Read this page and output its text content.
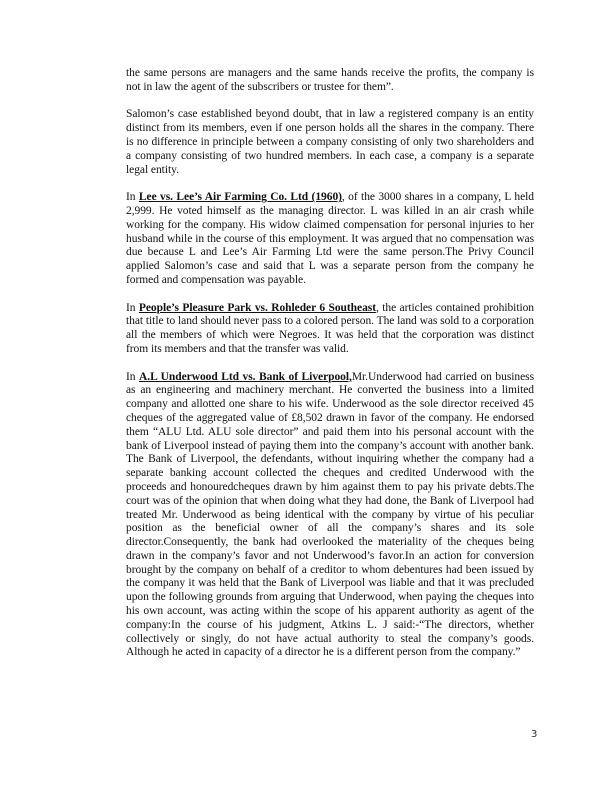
the same persons are managers and the same hands receive the profits, the company is not in law the agent of the subscribers or trustee for them”.

Salomon’s case established beyond doubt, that in law a registered company is an entity distinct from its members, even if one person holds all the shares in the company. There is no difference in principle between a company consisting of only two shareholders and a company consisting of two hundred members. In each case, a company is a separate legal entity.

In Lee vs. Lee’s Air Farming Co. Ltd (1960), of the 3000 shares in a company, L held 2,999. He voted himself as the managing director. L was killed in an air crash while working for the company. His widow claimed compensation for personal injuries to her husband while in the course of this employment. It was argued that no compensation was due because L and Lee’s Air Farming Ltd were the same person.The Privy Council applied Salomon’s case and said that L was a separate person from the company he formed and compensation was payable.

In People’s Pleasure Park vs. Rohleder 6 Southeast, the articles contained prohibition that title to land should never pass to a colored person. The land was sold to a corporation all the members of which were Negroes. It was held that the corporation was distinct from its members and that the transfer was valid.

In A.L Underwood Ltd vs. Bank of Liverpool,Mr.Underwood had carried on business as an engineering and machinery merchant. He converted the business into a limited company and allotted one share to his wife. Underwood as the sole director received 45 cheques of the aggregated value of £8,502 drawn in favor of the company. He endorsed them “ALU Ltd. ALU sole director” and paid them into his personal account with the bank of Liverpool instead of paying them into the company’s account with another bank. The Bank of Liverpool, the defendants, without inquiring whether the company had a separate banking account collected the cheques and credited Underwood with the proceeds and honouredcheques drawn by him against them to pay his private debts.The court was of the opinion that when doing what they had done, the Bank of Liverpool had treated Mr. Underwood as being identical with the company by virtue of his peculiar position as the beneficial owner of all the company’s shares and its sole director.Consequently, the bank had overlooked the materiality of the cheques being drawn in the company’s favor and not Underwood’s favor.In an action for conversion brought by the company on behalf of a creditor to whom debentures had been issued by the company it was held that the Bank of Liverpool was liable and that it was precluded upon the following grounds from arguing that Underwood, when paying the cheques into his own account, was acting within the scope of his apparent authority as agent of the company:In the course of his judgment, Atkins L. J said:-“The directors, whether collectively or singly, do not have actual authority to steal the company’s goods. Although he acted in capacity of a director he is a different person from the company.”

3
